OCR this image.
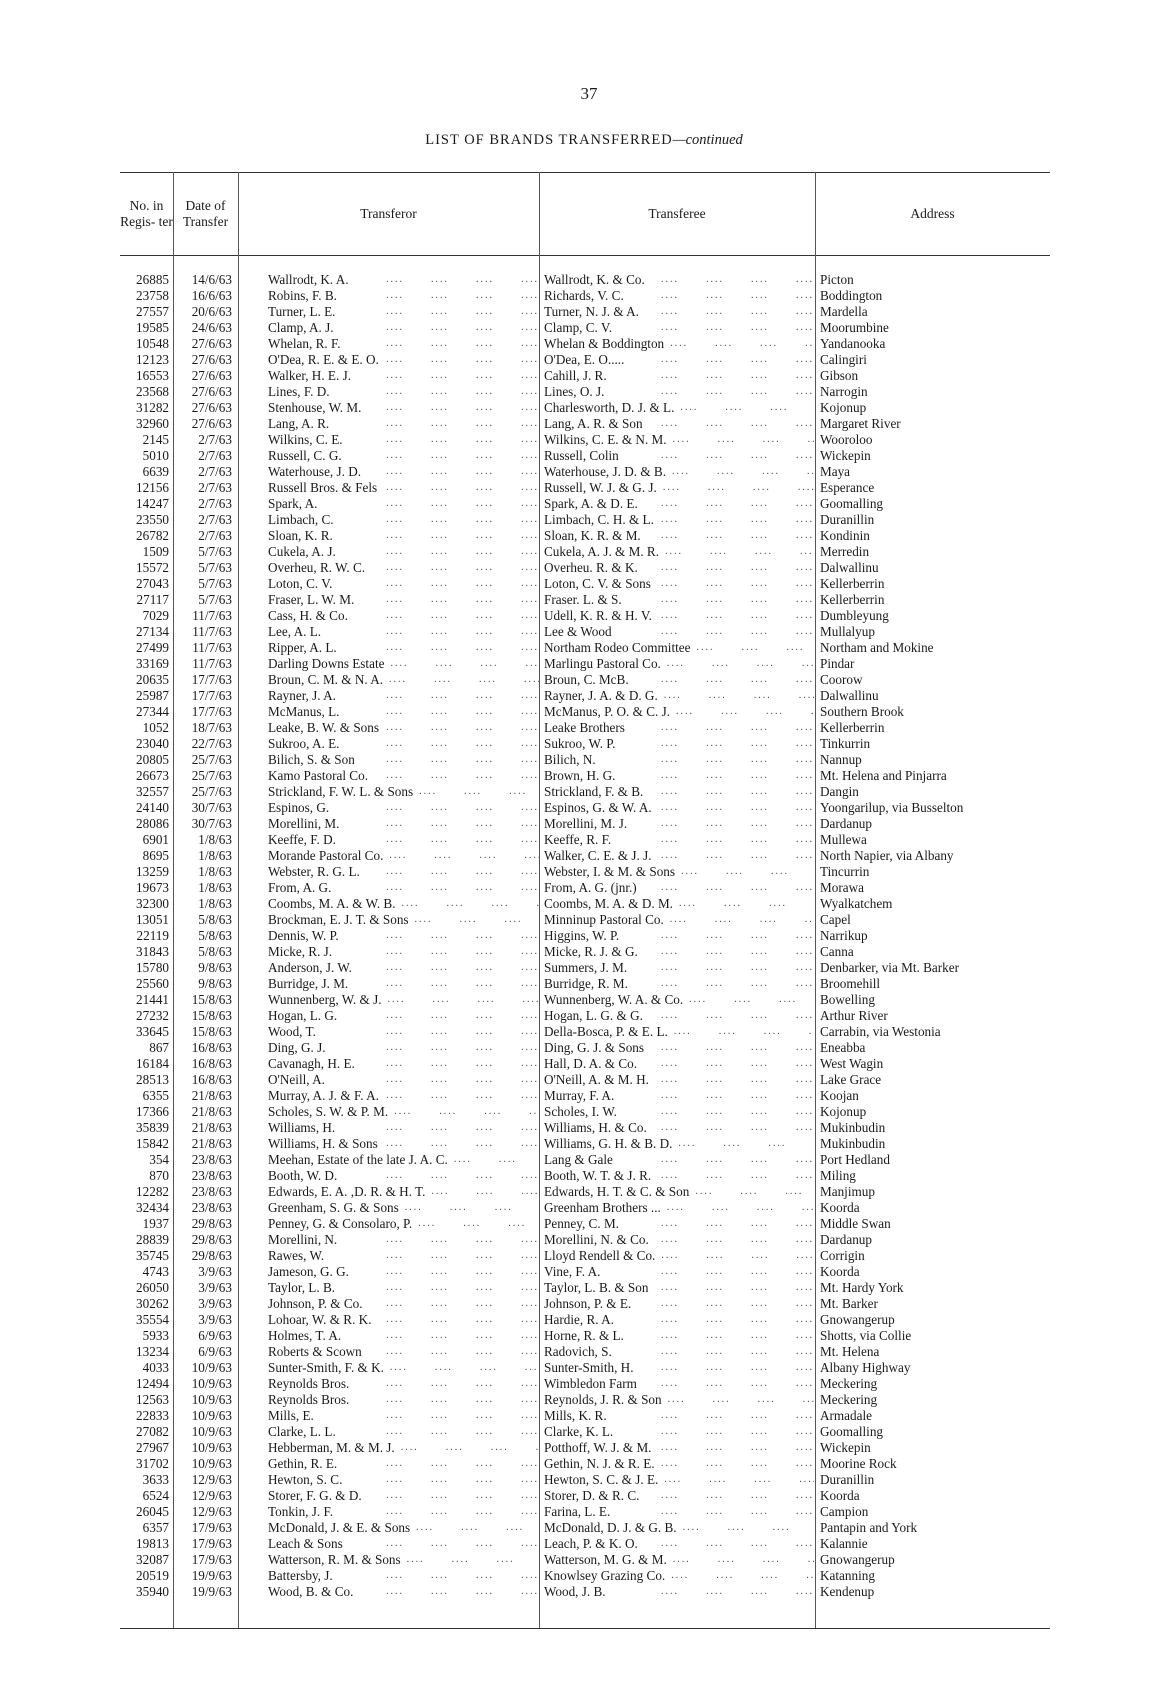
37
LIST OF BRANDS TRANSFERRED—continued
No. in Regis- ter
Date of Transfer
Transferor	Transferee	Address
26885	14/6/63	Wallrodt, K. A. ....	Wallrodt, K. & Co. ....	Picton
23758	16/6/63	Robins, F. B. ....	Richards, V. C. ....	Boddington
27557	20/6/63	Turner, L. E. ....	Turner, N. J. & A. ....	Mardella
19585	24/6/63	Clamp, A. J. ....	Clamp, C. V. ....	Moorumbine
10548	27/6/63	Whelan, R. F. ....	Whelan & Boddington ....	Yandanooka
12123	27/6/63	O'Dea, R. E. & E. O. ....	O'Dea, E. O..... ....	Calingiri
16553	27/6/63	Walker, H. E. J. ....	Cahill, J. R. ....	Gibson
23568	27/6/63	Lines, F. D. ....	Lines, O. J. ....	Narrogin
31282	27/6/63	Stenhouse, W. M. ....	Charlesworth, D. J. & L. ....	Kojonup
32960	27/6/63	Lang, A. R. ....	Lang, A. R. & Son ....	Margaret River
2145	2/7/63	Wilkins, C. E. ....	Wilkins, C. E. & N. M. ....	Wooroloo
5010	2/7/63	Russell, C. G. ....	Russell, Colin ....	Wickepin
6639	2/7/63	Waterhouse, J. D. ....	Waterhouse, J. D. & B. ....	Maya
12156	2/7/63	Russell Bros. & Fels ....	Russell, W. J. & G. J. ....	Esperance
14247	2/7/63	Spark, A. ....	Spark, A. & D. E. ....	Goomalling
23550	2/7/63	Limbach, C. ....	Limbach, C. H. & L. ....	Duranillin
26782	2/7/63	Sloan, K. R. ....	Sloan, K. R. & M. ....	Kondinin
1509	5/7/63	Cukela, A. J. ....	Cukela, A. J. & M. R. ....	Merredin
15572	5/7/63	Overheu, R. W. C. ....	Overheu. R. & K. ....	Dalwallinu
27043	5/7/63	Loton, C. V. ....	Loton, C. V. & Sons ....	Kellerberrin
27117	5/7/63	Fraser, L. W. M. ....	Fraser. L. & S. ....	Kellerberrin
7029	11/7/63	Cass, H. & Co. ....	Udell, K. R. & H. V. ....	Dumbleyung
27134	11/7/63	Lee, A. L. ....	Lee & Wood ....	Mullalyup
27499	11/7/63	Ripper, A. L. ....	Northam Rodeo Committee ....	Northam and Mokine
33169	11/7/63	Darling Downs Estate ....	Marlingu Pastoral Co. ....	Pindar
20635	17/7/63	Broun, C. M. & N. A. ....	Broun, C. McB. ....	Coorow
25987	17/7/63	Rayner, J. A. ....	Rayner, J. A. & D. G. ....	Dalwallinu
27344	17/7/63	McManus, L. ....	McManus, P. O. & C. J. ....	Southern Brook
1052	18/7/63	Leake, B. W. & Sons ....	Leake Brothers ....	Kellerberrin
23040	22/7/63	Sukroo, A. E. ....	Sukroo, W. P. ....	Tinkurrin
20805	25/7/63	Bilich, S. & Son ....	Bilich, N. ....	Nannup
26673	25/7/63	Kamo Pastoral Co. ....	Brown, H. G. ....	Mt. Helena and Pinjarra
32557	25/7/63	Strickland, F. W. L. & Sons ....	Strickland, F. & B. ....	Dangin
24140	30/7/63	Espinos, G. ....	Espinos, G. & W. A. ....	Yoongarilup, via Busselton
28086	30/7/63	Morellini, M. ....	Morellini, M. J. ....	Dardanup
6901	1/8/63	Keeffe, F. D. ....	Keeffe, R. F. ....	Mullewa
8695	1/8/63	Morande Pastoral Co. ....	Walker, C. E. & J. J. ....	North Napier, via Albany
13259	1/8/63	Webster, R. G. L. ....	Webster, I. & M. & Sons ....	Tincurrin
19673	1/8/63	From, A. G. ....	From, A. G. (jnr.) ....	Morawa
32300	1/8/63	Coombs, M. A. & W. B. ....	Coombs, M. A. & D. M. ....	Wyalkatchem
13051	5/8/63	Brockman, E. J. T. & Sons ....	Minninup Pastoral Co. ....	Capel
22119	5/8/63	Dennis, W. P. ....	Higgins, W. P. ....	Narrikup
31843	5/8/63	Micke, R. J. ....	Micke, R. J. & G. ....	Canna
15780	9/8/63	Anderson, J. W. ....	Summers, J. M. ....	Denbarker, via Mt. Barker
25560	9/8/63	Burridge, J. M. ....	Burridge, R. M. ....	Broomehill
21441	15/8/63	Wunnenberg, W. & J. ....	Wunnenberg, W. A. & Co. ....	Bowelling
27232	15/8/63	Hogan, L. G. ....	Hogan, L. G. & G. ....	Arthur River
33645	15/8/63	Wood, T. ....	Della-Bosca, P. & E. L. ....	Carrabin, via Westonia
867	16/8/63	Ding, G. J. ....	Ding, G. J. & Sons ....	Eneabba
16184	16/8/63	Cavanagh, H. E. ....	Hall, D. A. & Co. ....	West Wagin
28513	16/8/63	O'Neill, A. ....	O'Neill, A. & M. H. ....	Lake Grace
6355	21/8/63	Murray, A. J. & F. A. ....	Murray, F. A. ....	Koojan
17366	21/8/63	Scholes, S. W. & P. M. ....	Scholes, I. W. ....	Kojonup
35839	21/8/63	Williams, H. ....	Williams, H. & Co. ....	Mukinbudin
15842	21/8/63	Williams, H. & Sons ....	Williams, G. H. & B. D. ....	Mukinbudin
354	23/8/63	Meehan, Estate of the late J. A. C. ....	Lang & Gale ....	Port Hedland
870	23/8/63	Booth, W. D. ....	Booth, W. T. & J. R. ....	Miling
12282	23/8/63	Edwards, E. A. ,D. R. & H. T. ....	Edwards, H. T. & C. & Son ....	Manjimup
32434	23/8/63	Greenham, S. G. & Sons ....	Greenham Brothers ... ....	Koorda
1937	29/8/63	Penney, G. & Consolaro, P. ....	Penney, C. M. ....	Middle Swan
28839	29/8/63	Morellini, N. ....	Morellini, N. & Co. ....	Dardanup
35745	29/8/63	Rawes, W. ....	Lloyd Rendell & Co. ....	Corrigin
4743	3/9/63	Jameson, G. G. ....	Vine, F. A. ....	Koorda
26050	3/9/63	Taylor, L. B. ....	Taylor, L. B. & Son ....	Mt. Hardy York
30262	3/9/63	Johnson, P. & Co. ....	Johnson, P. & E. ....	Mt. Barker
35554	3/9/63	Lohoar, W. & R. K. ....	Hardie, R. A. ....	Gnowangerup
5933	6/9/63	Holmes, T. A. ....	Horne, R. & L. ....	Shotts, via Collie
13234	6/9/63	Roberts & Scown ....	Radovich, S. ....	Mt. Helena
4033	10/9/63	Sunter-Smith, F. & K. ....	Sunter-Smith, H. ....	Albany Highway
12494	10/9/63	Reynolds Bros. ....	Wimbledon Farm ....	Meckering
12563	10/9/63	Reynolds Bros. ....	Reynolds, J. R. & Son ....	Meckering
22833	10/9/63	Mills, E. ....	Mills, K. R. ....	Armadale
27082	10/9/63	Clarke, L. L. ....	Clarke, K. L. ....	Goomalling
27967	10/9/63	Hebberman, M. & M. J. ....	Potthoff, W. J. & M. ....	Wickepin
31702	10/9/63	Gethin, R. E. ....	Gethin, N. J. & R. E. ....	Moorine Rock
3633	12/9/63	Hewton, S. C. ....	Hewton, S. C. & J. E. ....	Duranillin
6524	12/9/63	Storer, F. G. & D. ....	Storer, D. & R. C. ....	Koorda
26045	12/9/63	Tonkin, J. F. ....	Farina, L. E. ....	Campion
6357	17/9/63	McDonald, J. & E. & Sons ....	McDonald, D. J. & G. B. ....	Pantapin and York
19813	17/9/63	Leach & Sons ....	Leach, P. & K. O. ....	Kalannie
32087	17/9/63	Watterson, R. M. & Sons ....	Watterson, M. G. & M. ....	Gnowangerup
20519	19/9/63	Battersby, J. ....	Knowlsey Grazing Co. ....	Katanning
35940	19/9/63	Wood, B. & Co. ....	Wood, J. B. ....	Kendenup
